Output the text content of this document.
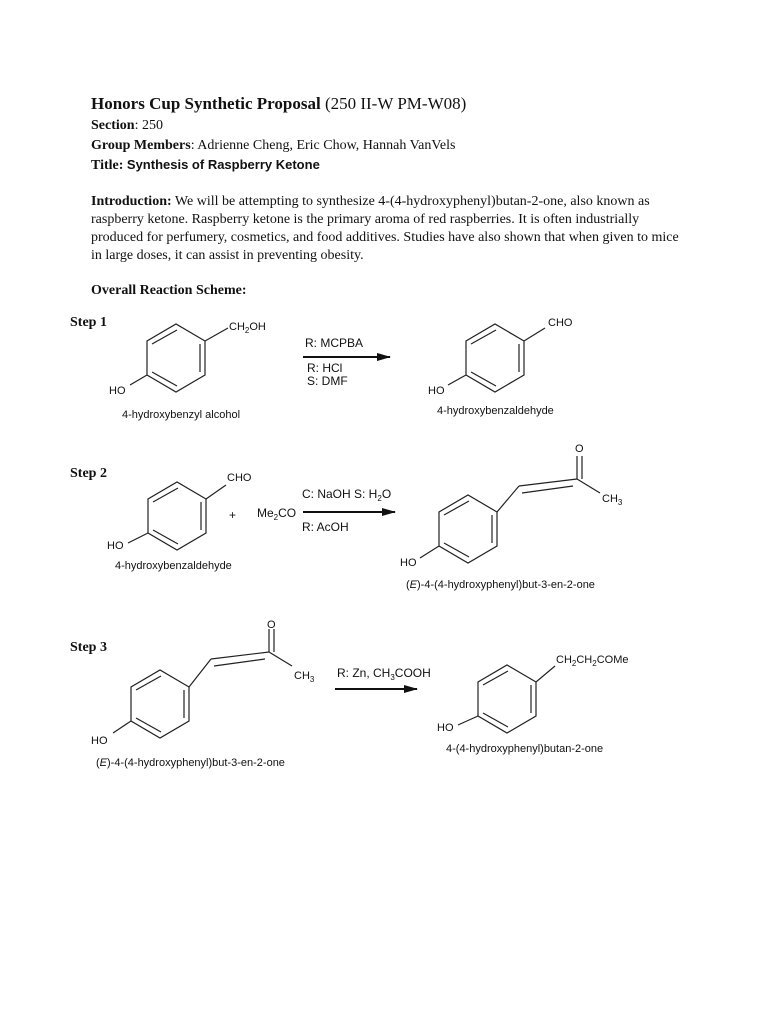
Honors Cup Synthetic Proposal (250 II-W PM-W08)
Section: 250
Group Members: Adrienne Cheng, Eric Chow, Hannah VanVels
Title: Synthesis of Raspberry Ketone
Introduction: We will be attempting to synthesize 4-(4-hydroxyphenyl)butan-2-one, also known as raspberry ketone. Raspberry ketone is the primary aroma of red raspberries. It is often industrially produced for perfumery, cosmetics, and food additives. Studies have also shown that when given to mice in large doses, it can assist in preventing obesity.
Overall Reaction Scheme:
Step 1
Step 2
Step 3
$CH_2OH$
HO
4-hydroxybenzyl alcohol
R: MCPBA
R: HCl
S: DMF
CHO
HO
4-hydroxybenzaldehyde
CHO
HO
4-hydroxybenzaldehyde
+ $Me_2CO$
C: NaOH S: $H_2O$
R: AcOH
O
$CH_3$
HO
(E)-4-(4-hydroxyphenyl)but-3-en-2-one
O
$CH_3$
HO
(E)-4-(4-hydroxyphenyl)but-3-en-2-one
R: Zn, $CH_3COOH$
$CH_2CH_2COMe$
HO
4-(4-hydroxyphenyl)butan-2-one
